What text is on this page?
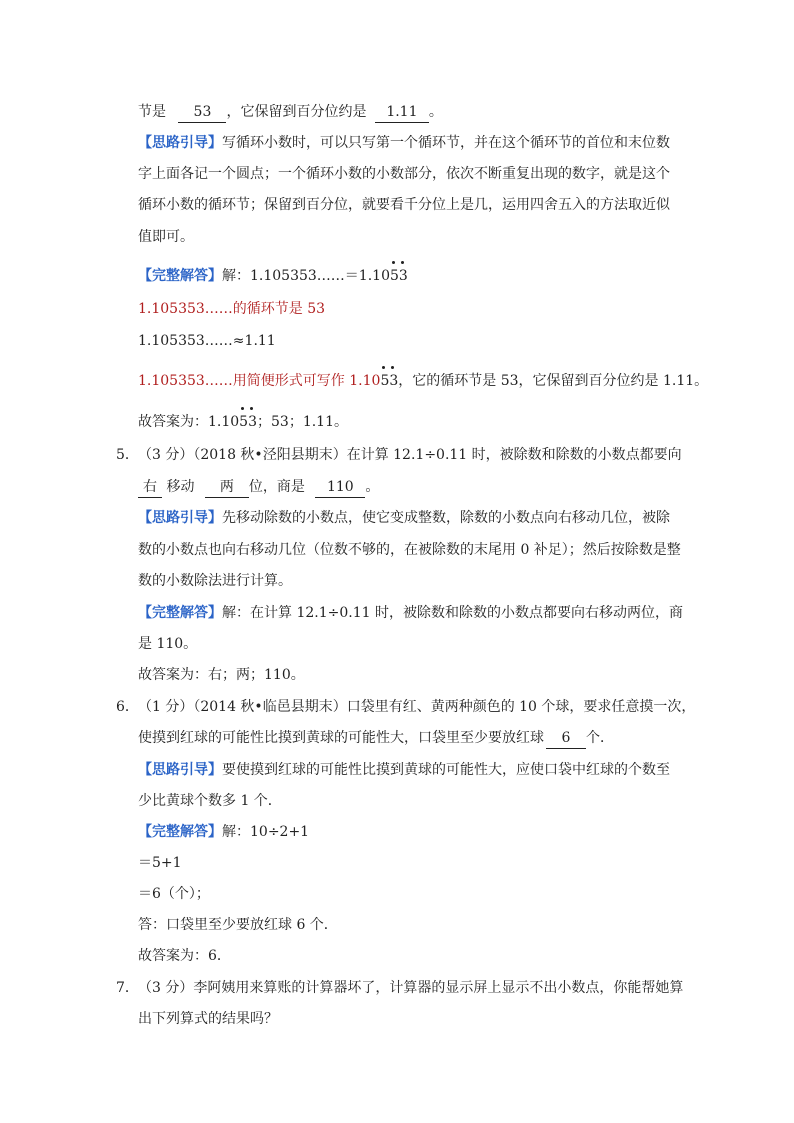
节是 53 ，它保留到百分位约是 1.11 。
【思路引导】写循环小数时，可以只写第一个循环节，并在这个循环节的首位和末位数
字上面各记一个圆点；一个循环小数的小数部分，依次不断重复出现的数字，就是这个
循环小数的循环节；保留到百分位，就要看千分位上是几，运用四舍五入的方法取近似
值即可。
【完整解答】解：1.105353……＝1.10
53
1.105353……的循环节是 53
1.105353……≈1.11
1.105353……用简便形式可写作 1.10
53，它的循环节是 53，它保留到百分位约是 1.11。
故答案为：1.10
53；53；1.11。
5．（3 分）（2018 秋•泾阳县期末）在计算 12.1÷0.11 时，被除数和除数的小数点都要向
右 移动 两 位，商是 110 。
【思路引导】先移动除数的小数点，使它变成整数，除数的小数点向右移动几位，被除
数的小数点也向右移动几位（位数不够的，在被除数的末尾用 0 补足）；然后按除数是整
数的小数除法进行计算。
【完整解答】解：在计算 12.1÷0.11 时，被除数和除数的小数点都要向右移动两位，商
是 110。
故答案为：右；两；110。
6．（1 分）（2014 秋•临邑县期末）口袋里有红、黄两种颜色的 10 个球，要求任意摸一次，
使摸到红球的可能性比摸到黄球的可能性大，口袋里至少要放红球 6 个．
【思路引导】要使摸到红球的可能性比摸到黄球的可能性大，应使口袋中红球的个数至
少比黄球个数多 1 个．
【完整解答】解：10÷2+1
＝5+1
＝6（个）；
答：口袋里至少要放红球 6 个．
故答案为：6．
7．（3 分）李阿姨用来算账的计算器坏了，计算器的显示屏上显示不出小数点，你能帮她算
出下列算式的结果吗？
